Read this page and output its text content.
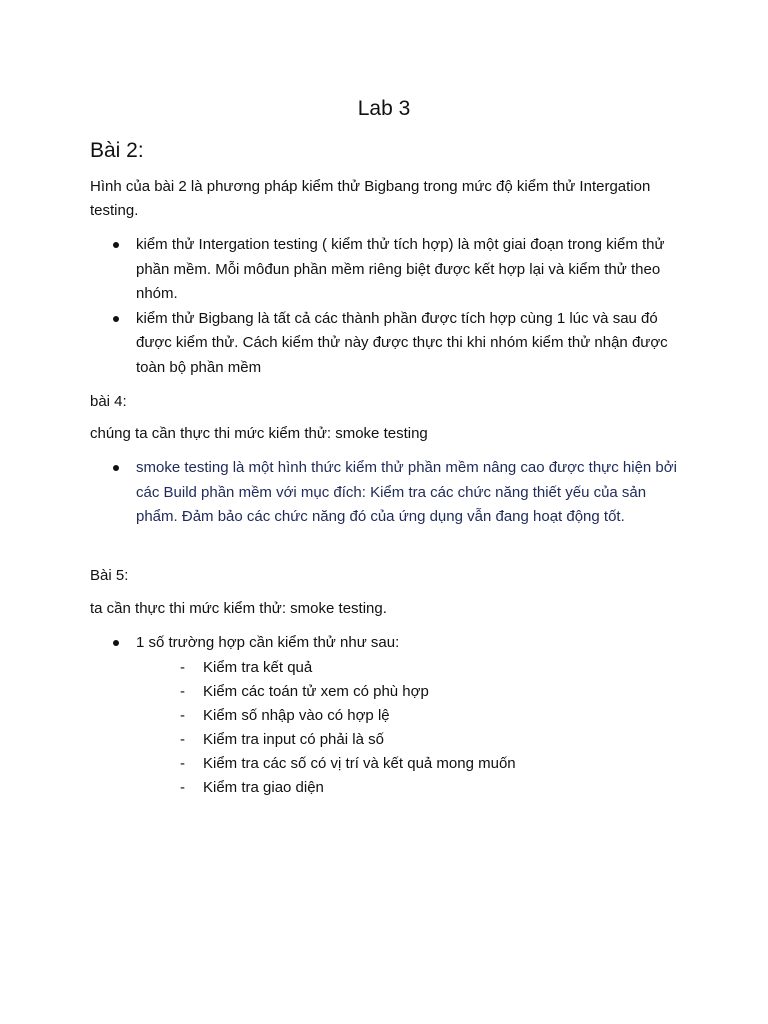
Lab 3
Bài 2:
Hình của bài 2 là phương pháp kiểm thử Bigbang trong mức độ kiểm thử Intergation testing.
kiểm thử Intergation testing ( kiểm thử tích hợp) là một giai đoạn trong kiểm thử phần mềm. Mỗi môđun phần mềm riêng biệt được kết hợp lại và kiểm thử theo nhóm.
kiểm thử Bigbang là tất cả các thành phần được tích hợp cùng 1 lúc và sau đó được kiểm thử. Cách kiểm thử này được thực thi khi nhóm kiểm thử nhận được toàn bộ phần mềm
bài 4:
chúng ta cần thực thi mức kiểm thử: smoke testing
smoke testing là một hình thức kiểm thử phần mềm nâng cao được thực hiện bởi các Build phần mềm với mục đích: Kiểm tra các chức năng thiết yếu của sản phẩm. Đảm bảo các chức năng đó của ứng dụng vẫn đang hoạt động tốt.
Bài 5:
ta cần thực thi mức kiểm thử: smoke testing.
1 số trường hợp cần kiểm thử như sau:
- Kiểm tra kết quả
- Kiểm các toán tử xem có phù hợp
- Kiểm số nhập vào có hợp lệ
- Kiểm tra input có phải là số
- Kiểm tra các số có vị trí và kết quả mong muốn
- Kiểm tra giao diện
